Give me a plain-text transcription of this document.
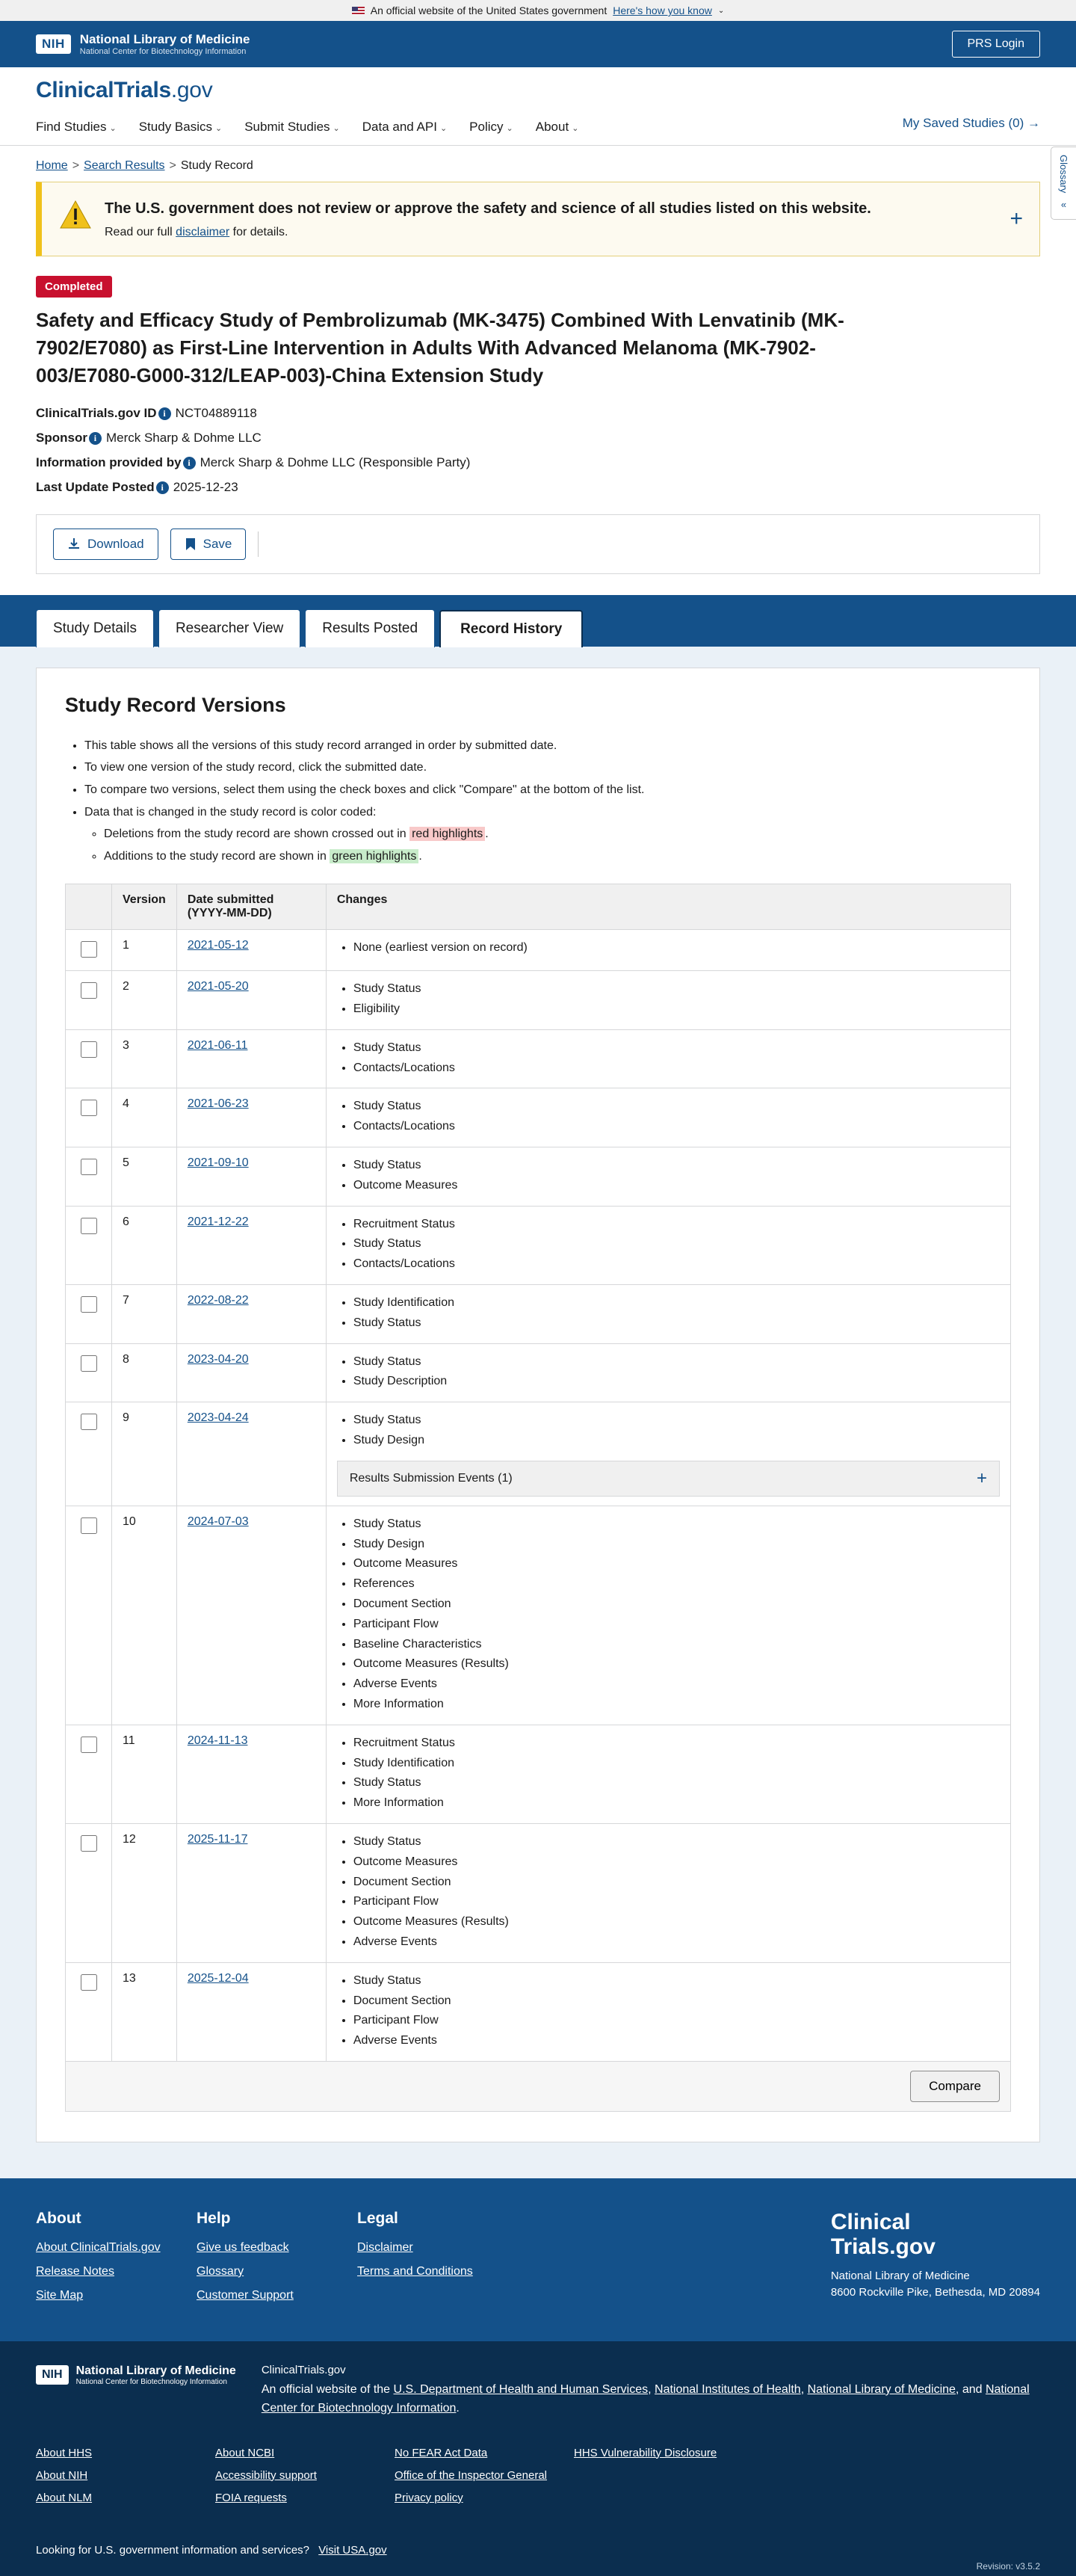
An official website of the United States government Here's how you know ⌄
NIH	National Library of Medicine
National Center for Biotechnology Information
PRS Login
ClinicalTrials.gov
Find Studies ⌄ Study Basics ⌄ Submit Studies ⌄ Data and API ⌄ Policy ⌄ About ⌄	My Saved Studies (0) →
Glossary
«
Home > Search Results > Study Record
The U.S. government does not review or approve the safety and science of all studies listed on this website.
Read our full disclaimer for details.
+
Completed
Safety and Efficacy Study of Pembrolizumab (MK-3475) Combined With Lenvatinib (MK-7902/E7080) as First-Line Intervention in Adults With Advanced Melanoma (MK-7902-003/E7080-G000-312/LEAP-003)-China Extension Study
ClinicalTrials.gov ID i NCT04889118
Sponsor i Merck Sharp & Dohme LLC
Information provided by i Merck Sharp & Dohme LLC (Responsible Party)
Last Update Posted i 2025-12-23
Download	Save
Study Details	Researcher View	Results Posted	Record History
Study Record Versions
• This table shows all the versions of this study record arranged in order by submitted date.
• To view one version of the study record, click the submitted date.
• To compare two versions, select them using the check boxes and click "Compare" at the bottom of the list.
• Data that is changed in the study record is color coded:
◦ Deletions from the study record are shown crossed out in red highlights .
◦ Additions to the study record are shown in green highlights .
	Version	Date submitted (YYYY-MM-DD)	Changes
	1	2021-05-12	
•None (earliest version on record)

	2	2021-05-20	
•Study Status
• Eligibility

	3	2021-06-11	
•Study Status
• Contacts/Locations

	4	2021-06-23	
•Study Status
• Contacts/Locations

	5	2021-09-10	
•Study Status
• Outcome Measures

	6	2021-12-22	
•Recruitment Status
• Study Status
• Contacts/Locations

	7	2022-08-22	
•Study Identification
• Study Status

	8	2023-04-20	
•Study Status
• Study Description

	9	2023-04-24	
•Study Status
• Study Design
Results Submission Events (1)	+

	10	2024-07-03	
•Study Status
• Study Design
• Outcome Measures
• References
• Document Section
• Participant Flow
• Baseline Characteristics
• Outcome Measures (Results)
• Adverse Events
• More Information

	11	2024-11-13	
•Recruitment Status
• Study Identification
• Study Status
• More Information

	12	2025-11-17	
•Study Status
• Outcome Measures
• Document Section
• Participant Flow
• Outcome Measures (Results)
• Adverse Events

	13	2025-12-04	
•Study Status
• Document Section
• Participant Flow
• Adverse Events

Compare			
About
About ClinicalTrials.gov
Release Notes
Site Map
Help
Give us feedback
Glossary
Customer Support
Legal
Disclaimer
Terms and Conditions
Clinical
Trials.gov
National Library of Medicine
8600 Rockville Pike, Bethesda, MD 20894
NIH	National Library of Medicine
National Center for Biotechnology Information
ClinicalTrials.gov
An official website of the U.S. Department of Health and Human Services, National Institutes of Health, National Library of Medicine, and National Center for Biotechnology Information.
About HHS
About NIH
About NLM
About NCBI
Accessibility support
FOIA requests
No FEAR Act Data
Office of the Inspector General
Privacy policy
HHS Vulnerability Disclosure
Looking for U.S. government information and services? Visit USA.gov
Revision: v3.5.2
